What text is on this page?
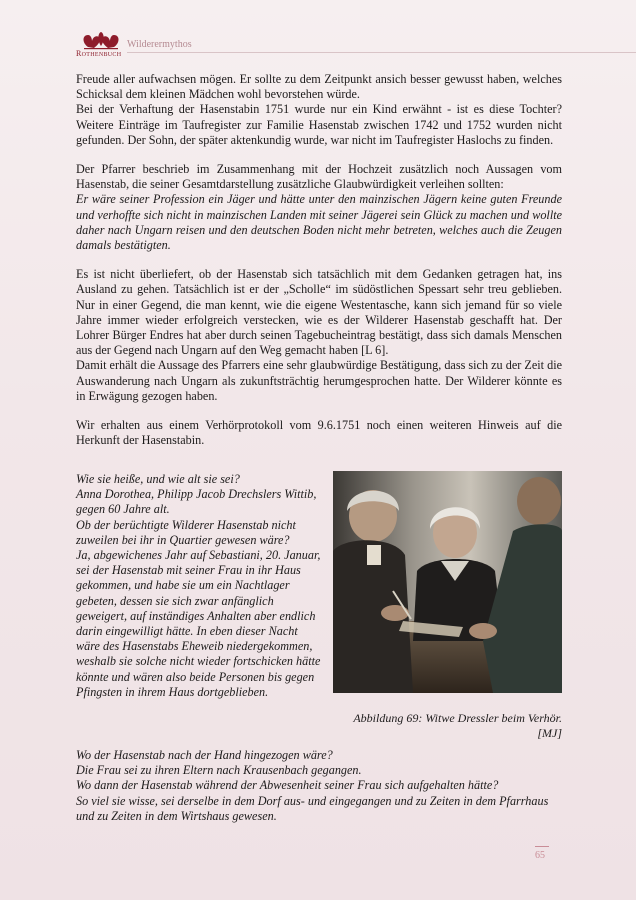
Rothenbuch
Wilderermythos

Freude aller aufwachsen mögen. Er sollte zu dem Zeitpunkt ansich besser gewusst haben, welches Schicksal dem kleinen Mädchen wohl bevorstehen würde.

Bei der Verhaftung der Hasenstabin 1751 wurde nur ein Kind erwähnt - ist es diese Tochter? Weitere Einträge im Taufregister zur Familie Hasenstab zwischen 1742 und 1752 wurden nicht gefunden. Der Sohn, der später aktenkundig wurde, war nicht im Taufregister Haslochs zu finden.

Der Pfarrer beschrieb im Zusammenhang mit der Hochzeit zusätzlich noch Aussagen vom Hasenstab, die seiner Gesamtdarstellung zusätzliche Glaubwürdigkeit verleihen sollten:

Er wäre seiner Profession ein Jäger und hätte unter den mainzischen Jägern keine guten Freunde und verhoffte sich nicht in mainzischen Landen mit seiner Jägerei sein Glück zu machen und wollte daher nach Ungarn reisen und den deutschen Boden nicht mehr betreten, welches auch die Zeugen damals bestätigten.

Es ist nicht überliefert, ob der Hasenstab sich tatsächlich mit dem Gedanken getragen hat, ins Ausland zu gehen. Tatsächlich ist er der „Scholle“ im südöstlichen Spessart sehr treu geblieben. Nur in einer Gegend, die man kennt, wie die eigene Westentasche, kann sich jemand für so viele Jahre immer wieder erfolgreich verstecken, wie es der Wilderer Hasenstab geschafft hat. Der Lohrer Bürger Endres hat aber durch seinen Tagebucheintrag bestätigt, dass sich damals Menschen aus der Gegend nach Ungarn auf den Weg gemacht haben [L 6].

Damit erhält die Aussage des Pfarrers eine sehr glaubwürdige Bestätigung, dass sich zu der Zeit die Auswanderung nach Ungarn als zukunftsträchtig herumgesprochen hatte. Der Wilderer könnte es in Erwägung gezogen haben.

Wir erhalten aus einem Verhörprotokoll vom 9.6.1751 noch einen weiteren Hinweis auf die Herkunft der Hasenstabin.

Wie sie heiße, und wie alt sie sei?

Anna Dorothea, Philipp Jacob Drechslers Wittib, gegen 60 Jahre alt.

Ob der berüchtigte Wilderer Hasenstab nicht zuweilen bei ihr in Quartier gewesen wäre?

Ja, abgewichenes Jahr auf Sebastiani, 20. Januar, sei der Hasenstab mit seiner Frau in ihr Haus gekommen, und habe sie um ein Nachtlager gebeten, dessen sie sich zwar anfänglich geweigert, auf inständiges Anhalten aber endlich darin eingewilligt hätte. In eben dieser Nacht wäre des Hasenstabs Eheweib niedergekommen, weshalb sie solche nicht wieder fortschicken hätte könnte und wären also beide Personen bis gegen Pfingsten in ihrem Haus dortgeblieben.

Abbildung 69: Witwe Dressler beim Verhör. [MJ]

Wo der Hasenstab nach der Hand hingezogen wäre?

Die Frau sei zu ihren Eltern nach Krausenbach gegangen.

Wo dann der Hasenstab während der Abwesenheit seiner Frau sich aufgehalten hätte?

So viel sie wisse, sei derselbe in dem Dorf aus- und eingegangen und zu Zeiten in dem Pfarrhaus und zu Zeiten in dem Wirtshaus gewesen.

65
